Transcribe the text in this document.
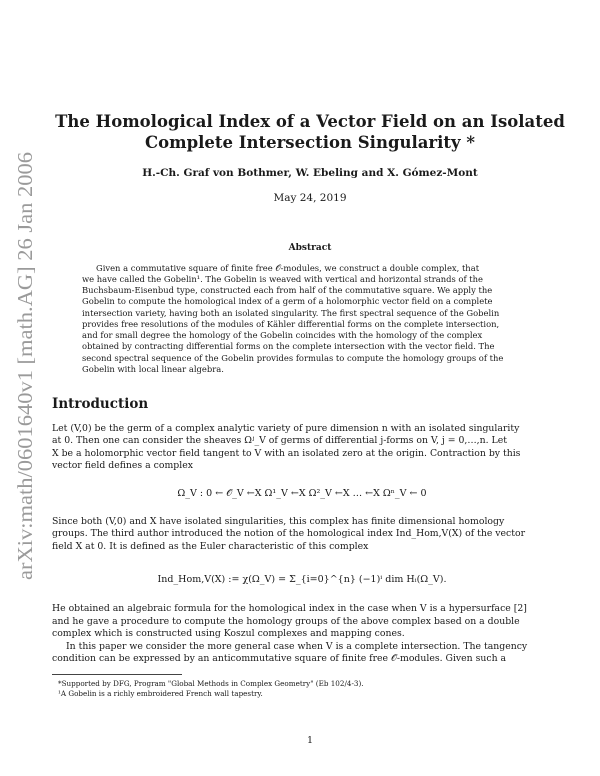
arXiv:math/0601640v1 [math.AG] 26 Jan 2006
The Homological Index of a Vector Field on an Isolated
Complete Intersection Singularity *
H.-Ch. Graf von Bothmer, W. Ebeling and X. Gómez-Mont
May 24, 2019
Abstract
Given a commutative square of finite free 𝒪-modules, we construct a double complex, that
we have called the Gobelin¹. The Gobelin is weaved with vertical and horizontal strands of the
Buchsbaum-Eisenbud type, constructed each from half of the commutative square. We apply the
Gobelin to compute the homological index of a germ of a holomorphic vector field on a complete
intersection variety, having both an isolated singularity. The first spectral sequence of the Gobelin
provides free resolutions of the modules of Kähler differential forms on the complete intersection,
and for small degree the homology of the Gobelin coincides with the homology of the complex
obtained by contracting differential forms on the complete intersection with the vector field. The
second spectral sequence of the Gobelin provides formulas to compute the homology groups of the
Gobelin with local linear algebra.
Introduction
Let (V,0) be the germ of a complex analytic variety of pure dimension n with an isolated singularity
at 0. Then one can consider the sheaves Ωʲ_V of germs of differential j-forms on V, j = 0,…,n. Let
X be a holomorphic vector field tangent to V with an isolated zero at the origin. Contraction by this
vector field defines a complex
Ω_V : 0 ← 𝒪_V ←X Ω¹_V ←X Ω²_V ←X … ←X Ωⁿ_V ← 0
Since both (V,0) and X have isolated singularities, this complex has finite dimensional homology
groups. The third author introduced the notion of the homological index Ind_Hom,V(X) of the vector
field X at 0. It is defined as the Euler characteristic of this complex
Ind_Hom,V(X) := χ(Ω_V) = Σ_{i=0}^{n} (−1)ⁱ dim Hᵢ(Ω_V).
He obtained an algebraic formula for the homological index in the case when V is a hypersurface [2]
and he gave a procedure to compute the homology groups of the above complex based on a double
complex which is constructed using Koszul complexes and mapping cones.
In this paper we consider the more general case when V is a complete intersection. The tangency
condition can be expressed by an anticommutative square of finite free 𝒪-modules. Given such a
*Supported by DFG, Program "Global Methods in Complex Geometry" (Eb 102/4-3).
¹A Gobelin is a richly embroidered French wall tapestry.
1
